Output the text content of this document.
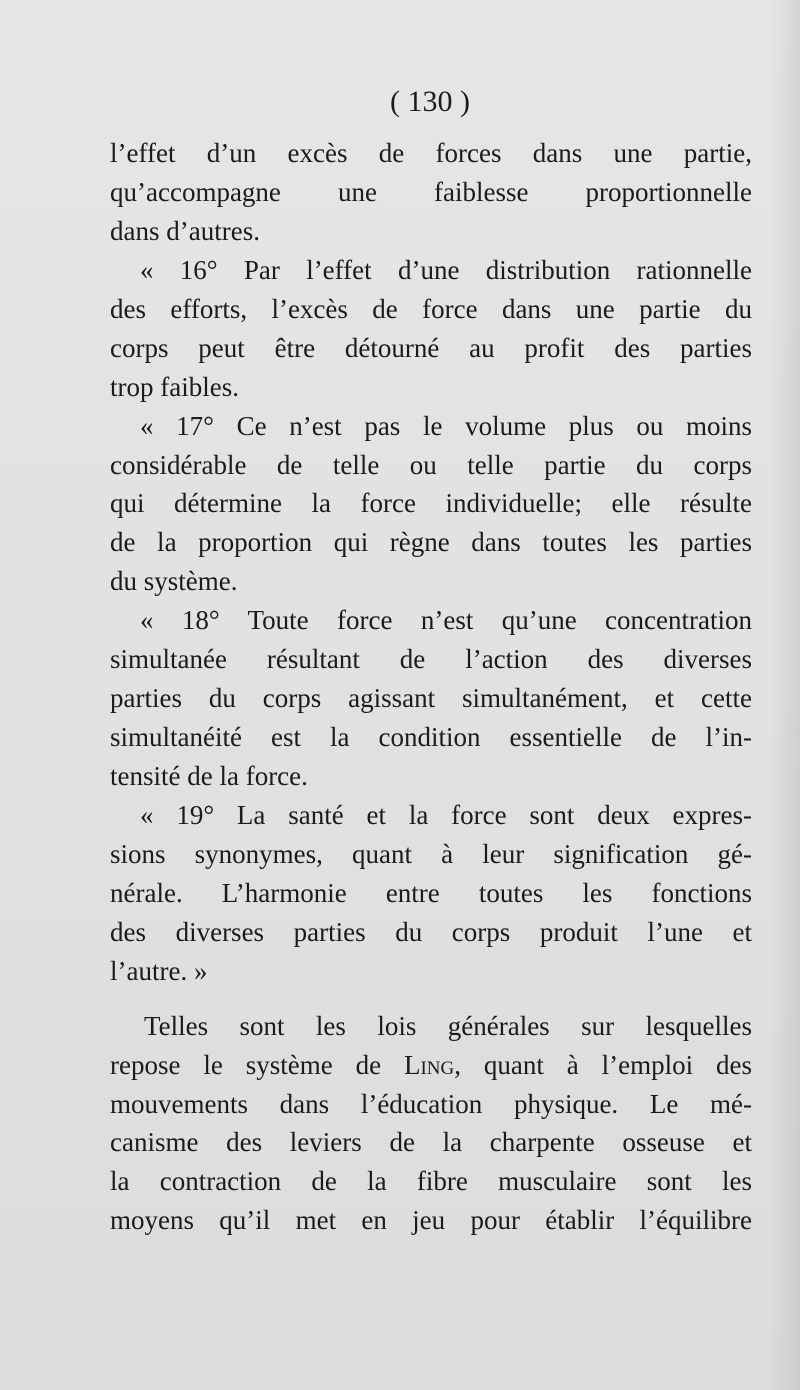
( 130 )
l’effet d’un excès de forces dans une partie,
qu’accompagne une faiblesse proportionnelle
dans d’autres.
« 16° Par l’effet d’une distribution rationnelle
des efforts, l’excès de force dans une partie du
corps peut être détourné au profit des parties
trop faibles.
« 17° Ce n’est pas le volume plus ou moins
considérable de telle ou telle partie du corps
qui détermine la force individuelle; elle résulte
de la proportion qui règne dans toutes les parties
du système.
« 18° Toute force n’est qu’une concentration
simultanée résultant de l’action des diverses
parties du corps agissant simultanément, et cette
simultanéité est la condition essentielle de l’in-
tensité de la force.
« 19° La santé et la force sont deux expres-
sions synonymes, quant à leur signification gé-
nérale. L’harmonie entre toutes les fonctions
des diverses parties du corps produit l’une et
l’autre. »
Telles sont les lois générales sur lesquelles
repose le système de Ling, quant à l’emploi des
mouvements dans l’éducation physique. Le mé-
canisme des leviers de la charpente osseuse et
la contraction de la fibre musculaire sont les
moyens qu’il met en jeu pour établir l’équilibre
